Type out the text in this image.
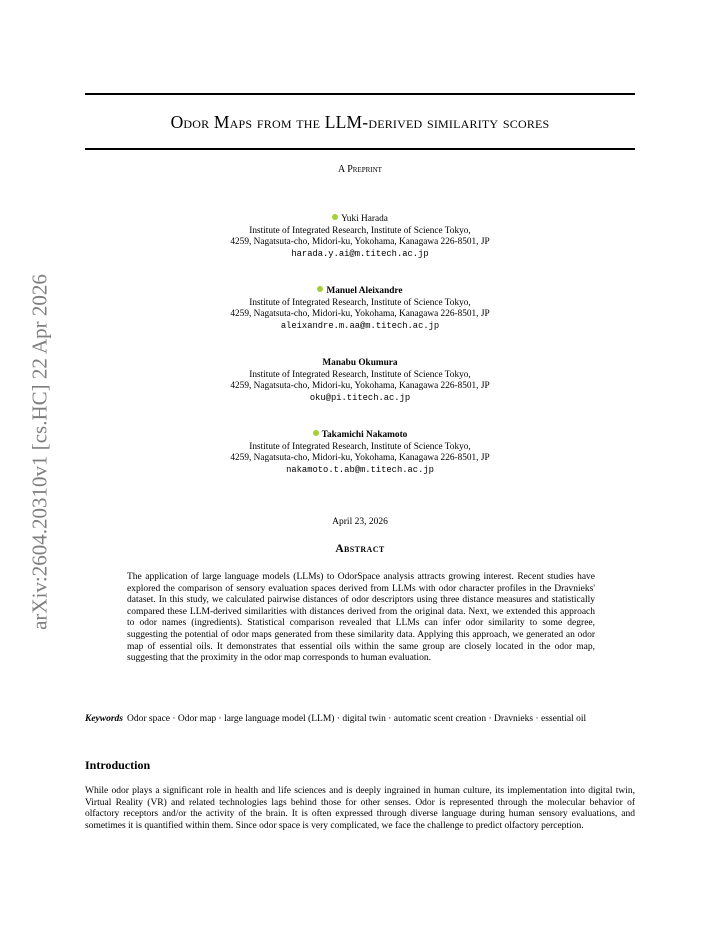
arXiv:2604.20310v1 [cs.HC] 22 Apr 2026
Odor Maps from the LLM-derived similarity scores
A Preprint
Yuki Harada
Institute of Integrated Research, Institute of Science Tokyo,
4259, Nagatsuta-cho, Midori-ku, Yokohama, Kanagawa 226-8501, JP
harada.y.ai@m.titech.ac.jp
Manuel Aleixandre
Institute of Integrated Research, Institute of Science Tokyo,
4259, Nagatsuta-cho, Midori-ku, Yokohama, Kanagawa 226-8501, JP
aleixandre.m.aa@m.titech.ac.jp
Manabu Okumura
Institute of Integrated Research, Institute of Science Tokyo,
4259, Nagatsuta-cho, Midori-ku, Yokohama, Kanagawa 226-8501, JP
oku@pi.titech.ac.jp
Takamichi Nakamoto
Institute of Integrated Research, Institute of Science Tokyo,
4259, Nagatsuta-cho, Midori-ku, Yokohama, Kanagawa 226-8501, JP
nakamoto.t.ab@m.titech.ac.jp
April 23, 2026
Abstract
The application of large language models (LLMs) to OdorSpace analysis attracts growing interest. Recent studies have explored the comparison of sensory evaluation spaces derived from LLMs with odor character profiles in the Dravnieks' dataset. In this study, we calculated pairwise distances of odor descriptors using three distance measures and statistically compared these LLM-derived similarities with distances derived from the original data. Next, we extended this approach to odor names (ingredients). Statistical comparison revealed that LLMs can infer odor similarity to some degree, suggesting the potential of odor maps generated from these similarity data. Applying this approach, we generated an odor map of essential oils. It demonstrates that essential oils within the same group are closely located in the odor map, suggesting that the proximity in the odor map corresponds to human evaluation.
Keywords Odor space · Odor map · large language model (LLM) · digital twin · automatic scent creation · Dravnieks · essential oil
Introduction
While odor plays a significant role in health and life sciences and is deeply ingrained in human culture, its implementation into digital twin, Virtual Reality (VR) and related technologies lags behind those for other senses. Odor is represented through the molecular behavior of olfactory receptors and/or the activity of the brain. It is often expressed through diverse language during human sensory evaluations, and sometimes it is quantified within them. Since odor space is very complicated, we face the challenge to predict olfactory perception.
